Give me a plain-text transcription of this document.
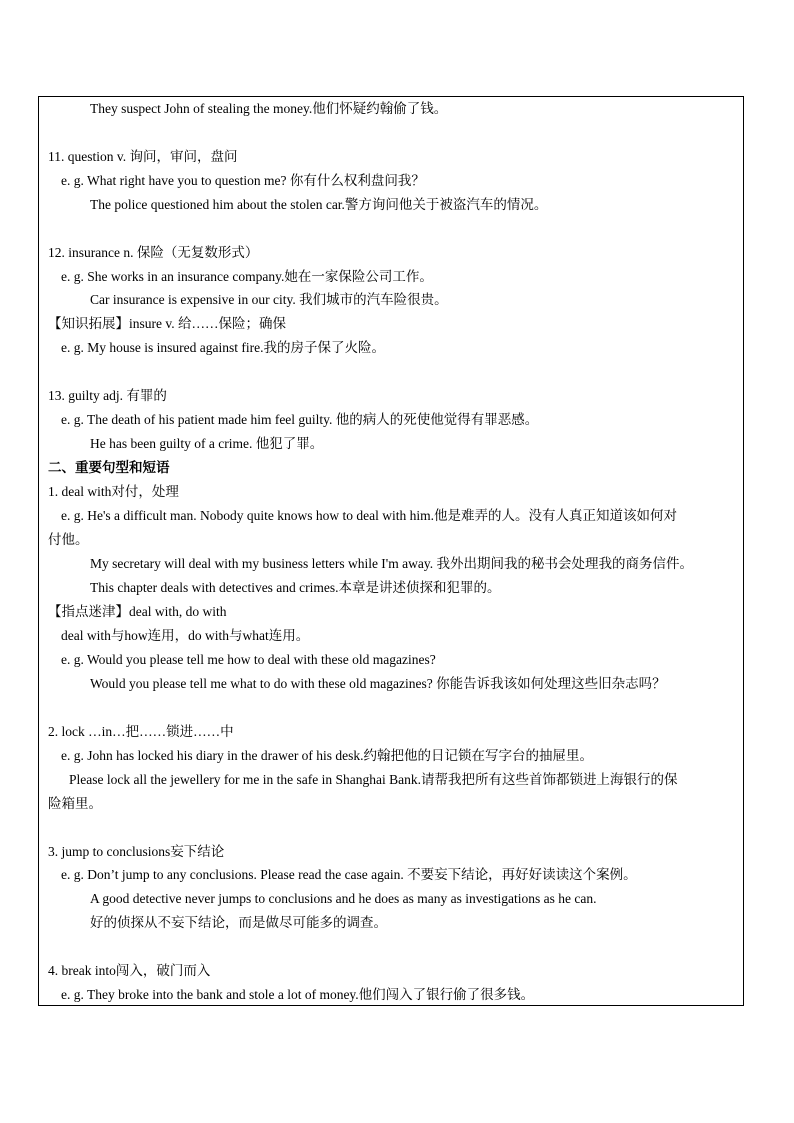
They suspect John of stealing the money.他们怀疑约翰偷了钱。
11. question v. 询问，审问，盘问
e. g. What right have you to question me? 你有什么权利盘问我？
The police questioned him about the stolen car.警方询问他关于被盗汽车的情况。
12. insurance n. 保险（无复数形式）
e. g. She works in an insurance company.她在一家保险公司工作。
Car insurance is expensive in our city. 我们城市的汽车险很贵。
【知识拓展】insure v. 给……保险；确保
e. g. My house is insured against fire.我的房子保了火险。
13. guilty adj. 有罪的
e. g. The death of his patient made him feel guilty. 他的病人的死使他觉得有罪恶感。
He has been guilty of a crime. 他犯了罪。
二、重要句型和短语
1. deal with对付，处理
e. g. He's a difficult man. Nobody quite knows how to deal with him.他是难弄的人。没有人真正知道该如何对
付他。
My secretary will deal with my business letters while I'm away. 我外出期间我的秘书会处理我的商务信件。
This chapter deals with detectives and crimes.本章是讲述侦探和犯罪的。
【指点迷津】deal with, do with
deal with与how连用，do with与what连用。
e. g. Would you please tell me how to deal with these old magazines?
Would you please tell me what to do with these old magazines? 你能告诉我该如何处理这些旧杂志吗？
2. lock …in…把……锁进……中
e. g. John has locked his diary in the drawer of his desk.约翰把他的日记锁在写字台的抽屉里。
Please lock all the jewellery for me in the safe in Shanghai Bank.请帮我把所有这些首饰都锁进上海银行的保
险箱里。
3. jump to conclusions妄下结论
e. g. Don’t jump to any conclusions. Please read the case again. 不要妄下结论，再好好读读这个案例。
A good detective never jumps to conclusions and he does as many as investigations as he can.
好的侦探从不妄下结论，而是做尽可能多的调查。
4. break into闯入，破门而入
e. g. They broke into the bank and stole a lot of money.他们闯入了银行偷了很多钱。
